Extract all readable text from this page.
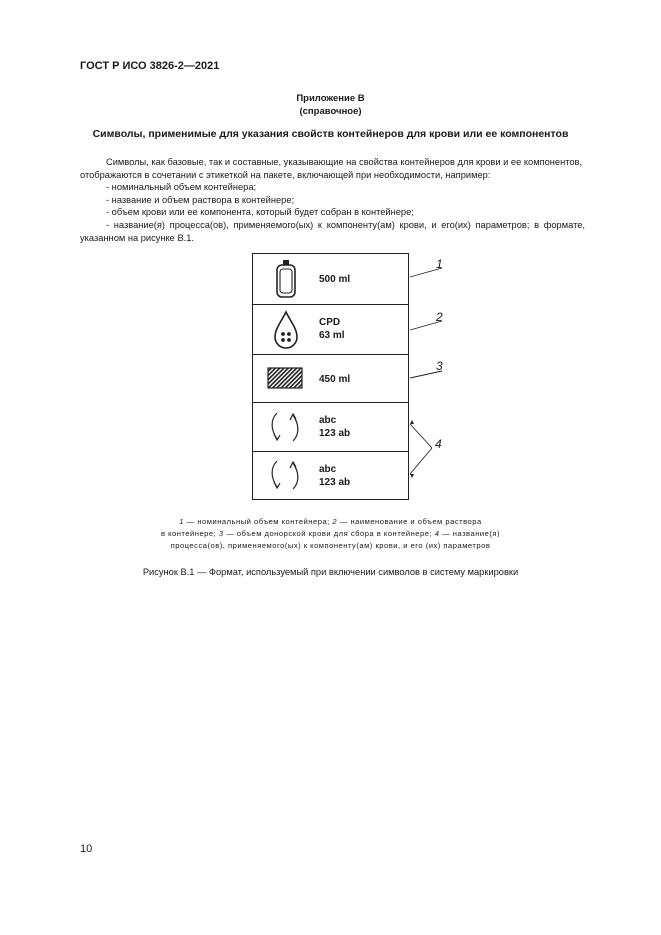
ГОСТ Р ИСО 3826-2—2021
Приложение В
(справочное)
Символы, применимые для указания свойств контейнеров для крови или ее компонентов

Символы, как базовые, так и составные, указывающие на свойства контейнеров для крови и ее компонентов,

отображаются в сочетании с этикеткой на пакете, включающей при необходимости, например:

- номинальный объем контейнера;

- название и объем раствора в контейнере;

- объем крови или ее компонента, который будет собран в контейнере;

- название(я) процесса(ов), применяемого(ых) к компоненту(ам) крови, и его(их) параметров; в формате,

указанном на рисунке В.1.

500 ml
CPD
63 ml
450 ml
abc
123 ab
abc
123 ab
1
2
3
4
1 — номинальный объем контейнера; 2 — наименование и объем раствора
в контейнере; 3 — объем донорской крови для сбора в контейнере; 4 — название(я)
процесса(ов), применяемого(ых) к компоненту(ам) крови, и его (их) параметров
Рисунок В.1 — Формат, используемый при включении символов в систему маркировки
10
